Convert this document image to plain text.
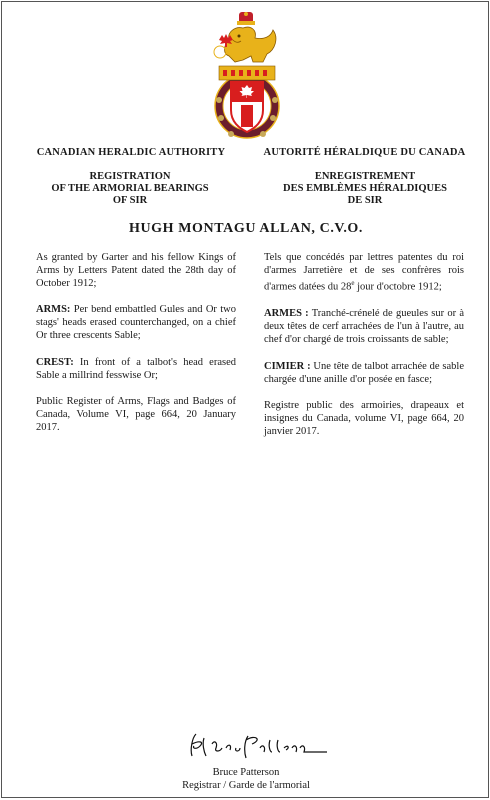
CANADIAN HERALDIC AUTHORITY	AUTORITÉ HÉRALDIQUE DU CANADA
REGISTRATION
OF THE ARMORIAL BEARINGS
OF SIR
ENREGISTREMENT
DES EMBLÈMES HÉRALDIQUES
DE SIR
HUGH MONTAGU ALLAN, C.V.O.

As granted by Garter and his fellow Kings of Arms by Letters Patent dated the 28th day of October 1912;

ARMS: Per bend embattled Gules and Or two stags' heads erased counterchanged, on a chief Or three crescents Sable;

CREST: In front of a talbot's head erased Sable a millrind fesswise Or;

Public Register of Arms, Flags and Badges of Canada, Volume VI, page 664, 20 January 2017.

Tels que concédés par lettres patentes du roi d'armes Jarretière et de ses confrères rois d'armes datées du 28e jour d'octobre 1912;

ARMES : Tranché-crénelé de gueules sur or à deux têtes de cerf arrachées de l'un à l'autre, au chef d'or chargé de trois croissants de sable;

CIMIER : Une tête de talbot arrachée de sable chargée d'une anille d'or posée en fasce;

Registre public des armoiries, drapeaux et insignes du Canada, volume VI, page 664, 20 janvier 2017.

Bruce Patterson
Registrar / Garde de l'armorial
